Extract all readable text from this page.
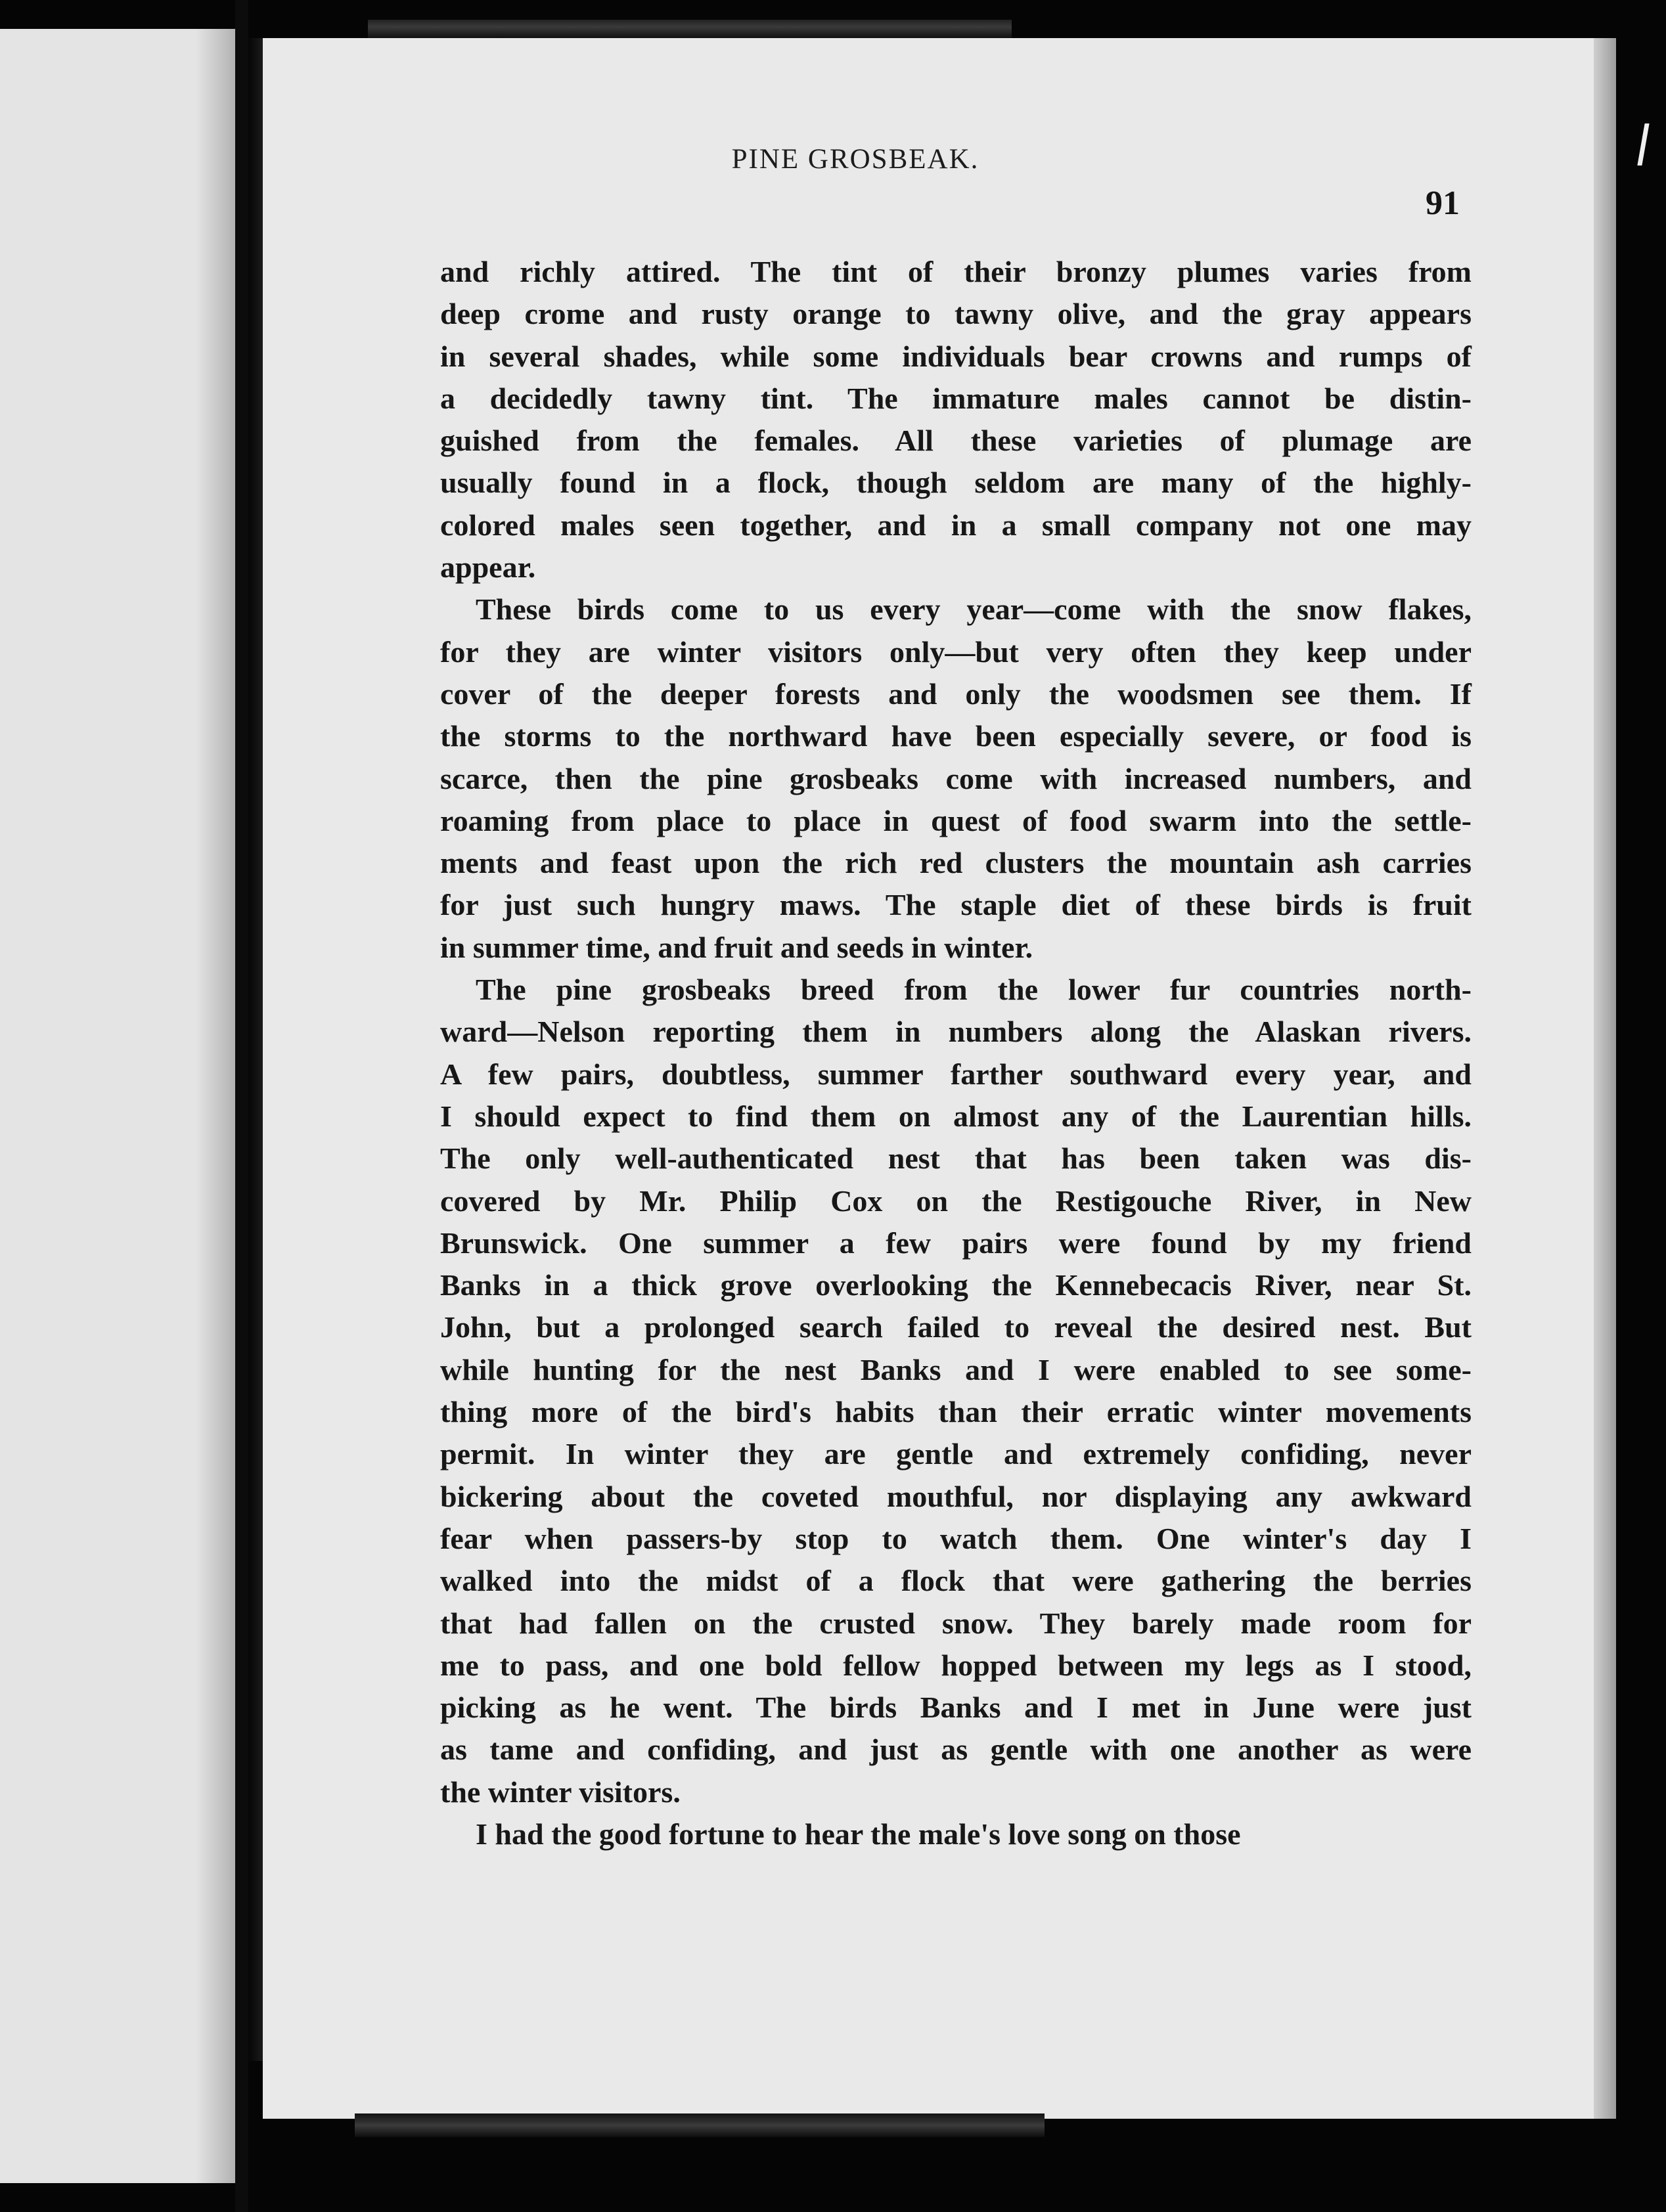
PINE GROSBEAK.
91
and richly attired. The tint of their bronzy plumes varies from
deep crome and rusty orange to tawny olive, and the gray appears
in several shades, while some individuals bear crowns and rumps of
a decidedly tawny tint. The immature males cannot be distin-
guished from the females. All these varieties of plumage are
usually found in a flock, though seldom are many of the highly-
colored males seen together, and in a small company not one may
appear.
These birds come to us every year—come with the snow flakes,
for they are winter visitors only—but very often they keep under
cover of the deeper forests and only the woodsmen see them. If
the storms to the northward have been especially severe, or food is
scarce, then the pine grosbeaks come with increased numbers, and
roaming from place to place in quest of food swarm into the settle-
ments and feast upon the rich red clusters the mountain ash carries
for just such hungry maws. The staple diet of these birds is fruit
in summer time, and fruit and seeds in winter.
The pine grosbeaks breed from the lower fur countries north-
ward—Nelson reporting them in numbers along the Alaskan rivers.
A few pairs, doubtless, summer farther southward every year, and
I should expect to find them on almost any of the Laurentian hills.
The only well-authenticated nest that has been taken was dis-
covered by Mr. Philip Cox on the Restigouche River, in New
Brunswick. One summer a few pairs were found by my friend
Banks in a thick grove overlooking the Kennebecacis River, near St.
John, but a prolonged search failed to reveal the desired nest. But
while hunting for the nest Banks and I were enabled to see some-
thing more of the bird's habits than their erratic winter movements
permit. In winter they are gentle and extremely confiding, never
bickering about the coveted mouthful, nor displaying any awkward
fear when passers-by stop to watch them. One winter's day I
walked into the midst of a flock that were gathering the berries
that had fallen on the crusted snow. They barely made room for
me to pass, and one bold fellow hopped between my legs as I stood,
picking as he went. The birds Banks and I met in June were just
as tame and confiding, and just as gentle with one another as were
the winter visitors.
I had the good fortune to hear the male's love song on those
